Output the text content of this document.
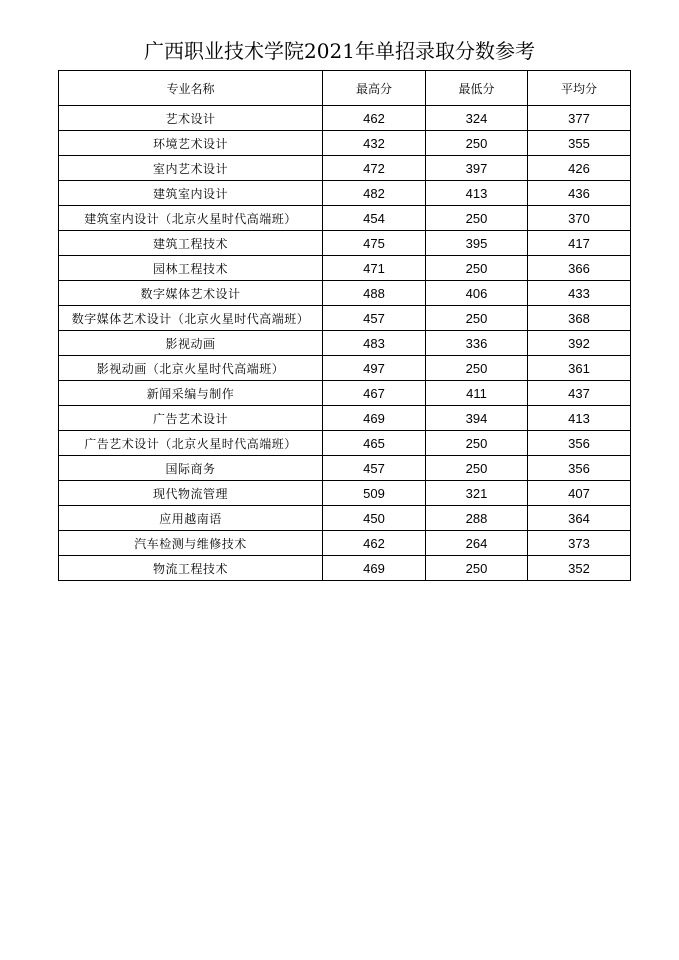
广西职业技术学院2021年单招录取分数参考
专业名称	最高分	最低分	平均分
艺术设计	462	324	377
环境艺术设计	432	250	355
室内艺术设计	472	397	426
建筑室内设计	482	413	436
建筑室内设计（北京火星时代高端班）	454	250	370
建筑工程技术	475	395	417
园林工程技术	471	250	366
数字媒体艺术设计	488	406	433
数字媒体艺术设计（北京火星时代高端班）	457	250	368
影视动画	483	336	392
影视动画（北京火星时代高端班）	497	250	361
新闻采编与制作	467	411	437
广告艺术设计	469	394	413
广告艺术设计（北京火星时代高端班）	465	250	356
国际商务	457	250	356
现代物流管理	509	321	407
应用越南语	450	288	364
汽车检测与维修技术	462	264	373
物流工程技术	469	250	352
